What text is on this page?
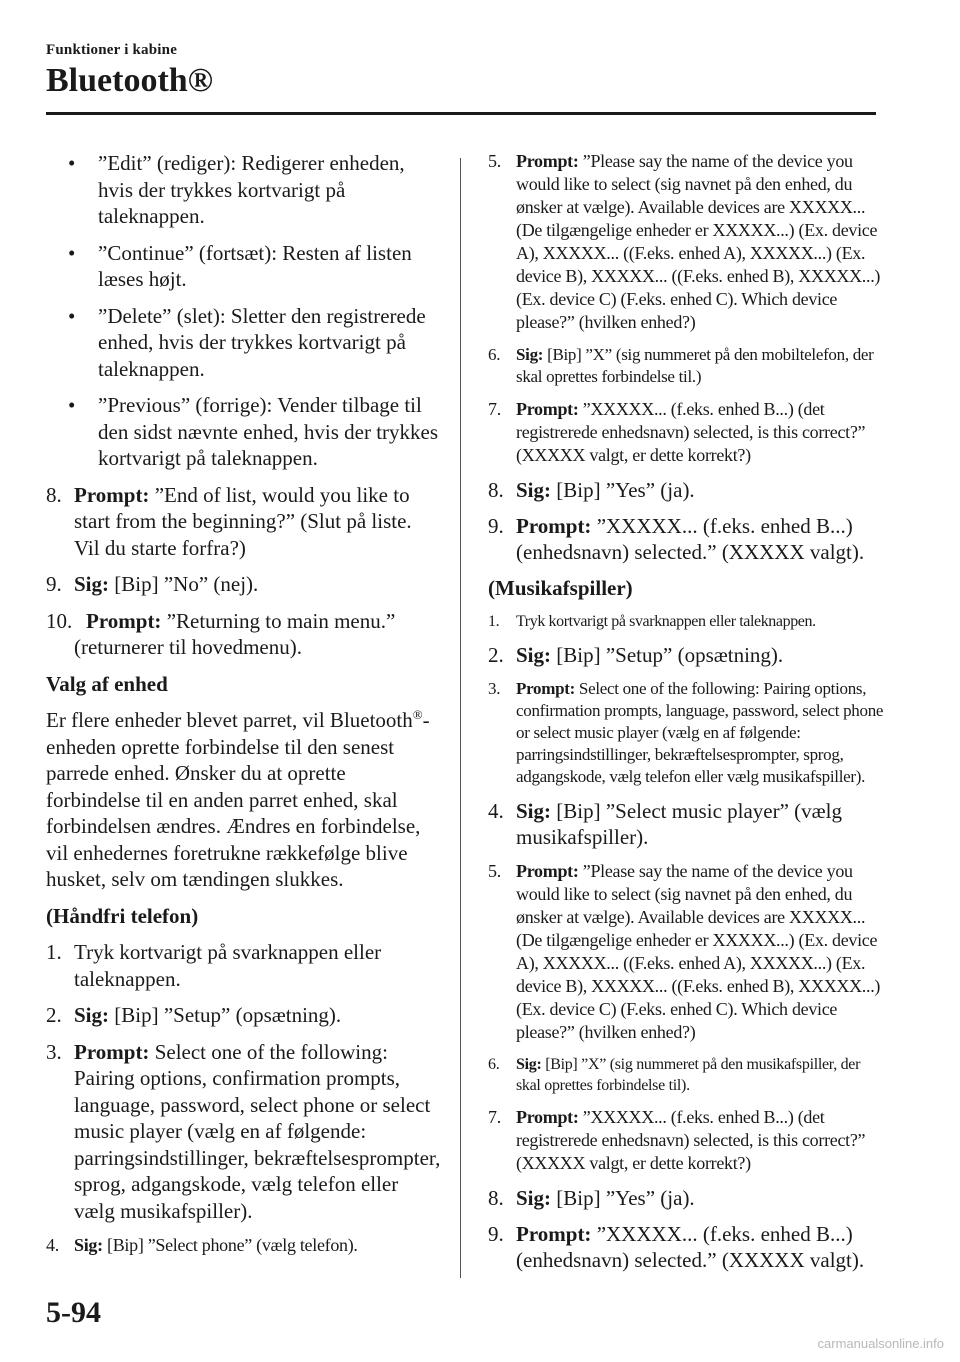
Funktioner i kabine
Bluetooth®
• ”Edit” (rediger): Redigerer enheden, hvis der trykkes kortvarigt på taleknappen.
• ”Continue” (fortsæt): Resten af listen læses højt.
• ”Delete” (slet): Sletter den registrerede enhed, hvis der trykkes kortvarigt på taleknappen.
• ”Previous” (forrige): Vender tilbage til den sidst nævnte enhed, hvis der trykkes kortvarigt på taleknappen.
8. Prompt: ”End of list, would you like to start from the beginning?” (Slut på liste. Vil du starte forfra?)
9. Sig: [Bip] ”No” (nej).
10. Prompt: ”Returning to main menu.” (returnerer til hovedmenu).
Valg af enhed
Er flere enheder blevet parret, vil Bluetooth®-enheden oprette forbindelse til den senest parrede enhed. Ønsker du at oprette forbindelse til en anden parret enhed, skal forbindelsen ændres. Ændres en forbindelse, vil enhedernes foretrukne rækkefølge blive husket, selv om tændingen slukkes.
(Håndfri telefon)
1. Tryk kortvarigt på svarknappen eller taleknappen.
2. Sig: [Bip] ”Setup” (opsætning).
3. Prompt: Select one of the following: Pairing options, confirmation prompts, language, password, select phone or select music player (vælg en af følgende: parringsindstillinger, bekræftelsesprompter, sprog, adgangskode, vælg telefon eller vælg musikafspiller).
4. Sig: [Bip] ”Select phone” (vælg telefon).
5. Prompt: ”Please say the name of the device you would like to select (sig navnet på den enhed, du ønsker at vælge). Available devices are XXXXX... (De tilgængelige enheder er XXXXX...) (Ex. device A), XXXXX... ((F.eks. enhed A), XXXXX...) (Ex. device B), XXXXX... ((F.eks. enhed B), XXXXX...) (Ex. device C) (F.eks. enhed C). Which device please?” (hvilken enhed?)
6. Sig: [Bip] ”X” (sig nummeret på den mobiltelefon, der skal oprettes forbindelse til.)
7. Prompt: ”XXXXX... (f.eks. enhed B...) (det registrerede enhedsnavn) selected, is this correct?” (XXXXX valgt, er dette korrekt?)
8. Sig: [Bip] ”Yes” (ja).
9. Prompt: ”XXXXX... (f.eks. enhed B...) (enhedsnavn) selected.” (XXXXX valgt).
(Musikafspiller)
1. Tryk kortvarigt på svarknappen eller taleknappen.
2. Sig: [Bip] ”Setup” (opsætning).
3. Prompt: Select one of the following: Pairing options, confirmation prompts, language, password, select phone or select music player (vælg en af følgende: parringsindstillinger, bekræftelsesprompter, sprog, adgangskode, vælg telefon eller vælg musikafspiller).
4. Sig: [Bip] ”Select music player” (vælg musikafspiller).
5. Prompt: ”Please say the name of the device you would like to select (sig navnet på den enhed, du ønsker at vælge). Available devices are XXXXX... (De tilgængelige enheder er XXXXX...) (Ex. device A), XXXXX... ((F.eks. enhed A), XXXXX...) (Ex. device B), XXXXX... ((F.eks. enhed B), XXXXX...) (Ex. device C) (F.eks. enhed C). Which device please?” (hvilken enhed?)
6. Sig: [Bip] ”X” (sig nummeret på den musikafspiller, der skal oprettes forbindelse til).
7. Prompt: ”XXXXX... (f.eks. enhed B...) (det registrerede enhedsnavn) selected, is this correct?” (XXXXX valgt, er dette korrekt?)
8. Sig: [Bip] ”Yes” (ja).
9. Prompt: ”XXXXX... (f.eks. enhed B...) (enhedsnavn) selected.” (XXXXX valgt).
5-94
carmanualsonline.info
